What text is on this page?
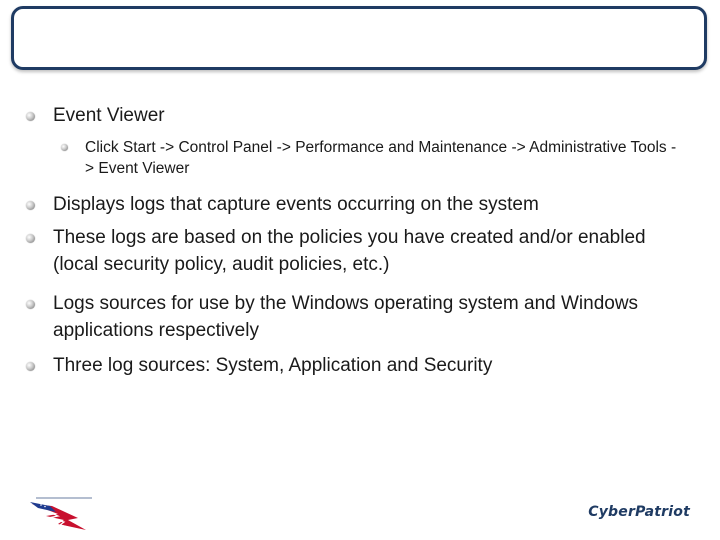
Event Viewer
Click Start -> Control Panel -> Performance and Maintenance -> Administrative Tools -> Event Viewer
Displays logs that capture events occurring on the system
These logs are based on the policies you have created and/or enabled (local security policy, audit policies, etc.)
Logs sources for use by the Windows operating system and Windows applications respectively
Three log sources: System, Application and Security
CyberPatriot
